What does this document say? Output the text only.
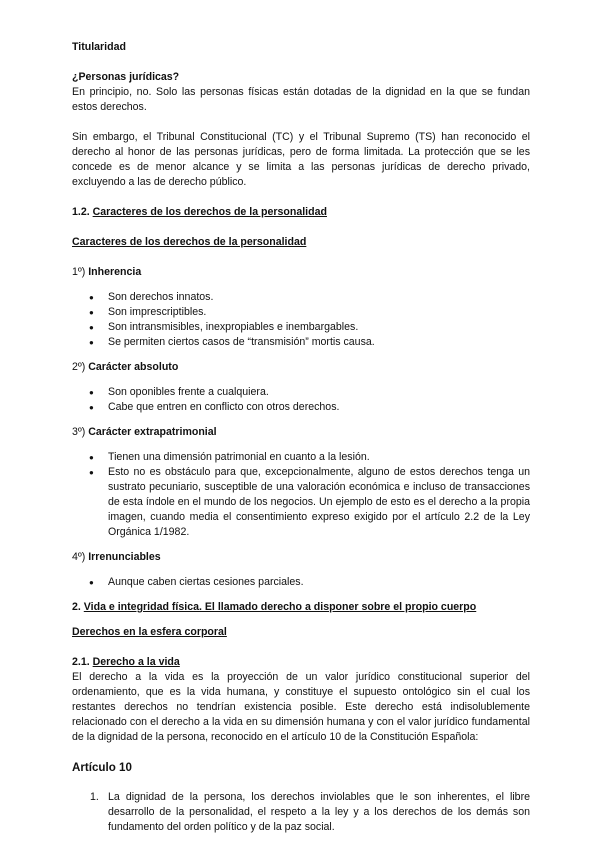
Titularidad

¿Personas jurídicas?

En principio, no. Solo las personas físicas están dotadas de la dignidad en la que se fundan estos derechos.

Sin embargo, el Tribunal Constitucional (TC) y el Tribunal Supremo (TS) han reconocido el derecho al honor de las personas jurídicas, pero de forma limitada. La protección que se les concede es de menor alcance y se limita a las personas jurídicas de derecho privado, excluyendo a las de derecho público.

1.2. Caracteres de los derechos de la personalidad

Caracteres de los derechos de la personalidad

1º) Inherencia

● Son derechos innatos.
● Son imprescriptibles.
● Son intransmisibles, inexpropiables e inembargables.
● Se permiten ciertos casos de “transmisión” mortis causa.

2º) Carácter absoluto

● Son oponibles frente a cualquiera.
● Cabe que entren en conflicto con otros derechos.

3º) Carácter extrapatrimonial

● Tienen una dimensión patrimonial en cuanto a la lesión.
● Esto no es obstáculo para que, excepcionalmente, alguno de estos derechos tenga un sustrato pecuniario, susceptible de una valoración económica e incluso de transacciones de esta índole en el mundo de los negocios. Un ejemplo de esto es el derecho a la propia imagen, cuando media el consentimiento expreso exigido por el artículo 2.2 de la Ley Orgánica 1/1982.

4º) Irrenunciables

● Aunque caben ciertas cesiones parciales.

2. Vida e integridad física. El llamado derecho a disponer sobre el propio cuerpo

Derechos en la esfera corporal

2.1. Derecho a la vida

El derecho a la vida es la proyección de un valor jurídico constitucional superior del ordenamiento, que es la vida humana, y constituye el supuesto ontológico sin el cual los restantes derechos no tendrían existencia posible. Este derecho está indisolublemente relacionado con el derecho a la vida en su dimensión humana y con el valor jurídico fundamental de la dignidad de la persona, reconocido en el artículo 10 de la Constitución Española:

Artículo 10

1. La dignidad de la persona, los derechos inviolables que le son inherentes, el libre desarrollo de la personalidad, el respeto a la ley y a los derechos de los demás son fundamento del orden político y de la paz social.
